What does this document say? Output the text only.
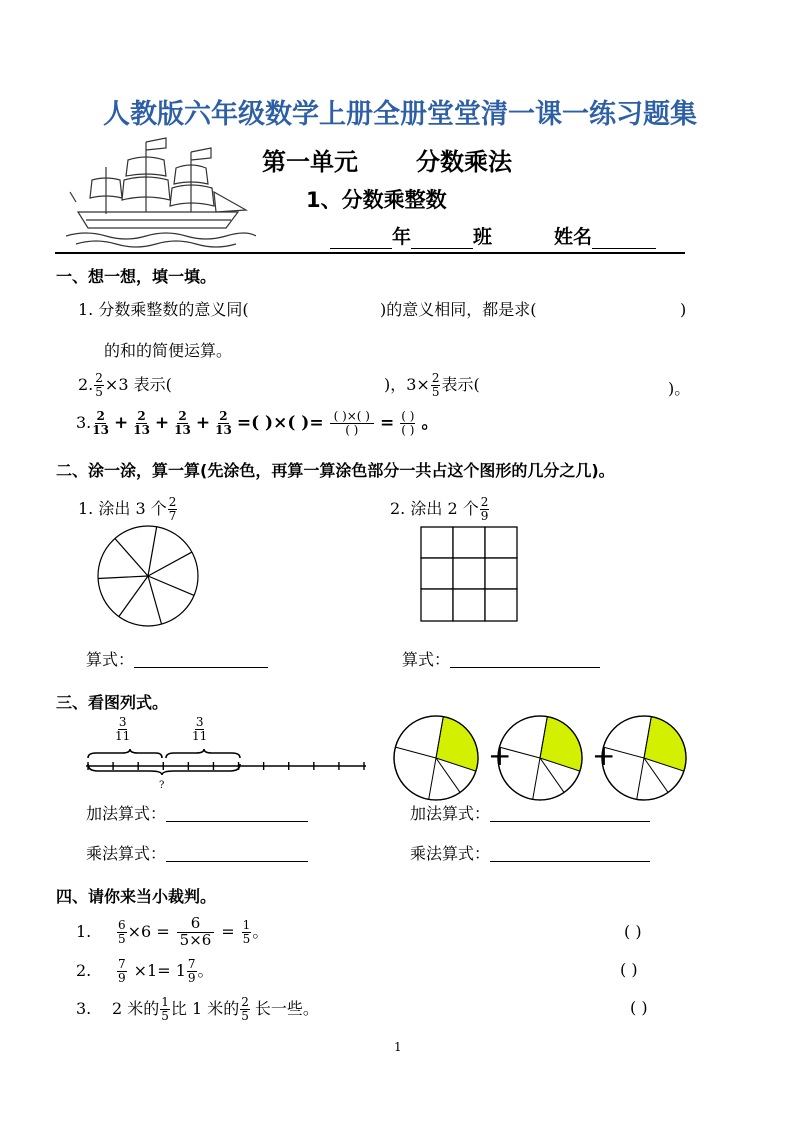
人教版六年级数学上册全册堂堂清一课一练习题集
第一单元 分数乘法
1、分数乘整数
年	班	姓名
一、想一想，填一填。
1. 分数乘整数的意义同(	)的意义相同，都是求(	)
的和的简便运算。
2. $\frac{2}{5} \times 3$ 表示(	)，$3\times \frac{2}{5}$ 表示(	)。
3. $\frac{2}{13} + \frac{2}{13} + \frac{2}{13} + \frac{2}{13}$ =( )×( )= $\frac{( )\times( )}{( )} = \frac{( )}{( )}$ 。
二、涂一涂，算一算(先涂色，再算一算涂色部分一共占这个图形的几分之几)。
1. 涂出 3 个 $\frac{2}{7}$	2. 涂出 2 个 $\frac{2}{9}$
算式：	算式：
三、看图列式。
$\frac{3}{11}$	$\frac{3}{11}$
?
+	+
加法算式：	加法算式：
乘法算式：	乘法算式：
四、请你来当小裁判。
1.	$\frac{6}{5} \times 6 = \frac{6}{5\times 6} = \frac{1}{5}$ 。	( )
2.	$\frac{7}{9} \times 1= 1 \frac{7}{9}$ 。	( )
3.	2 米的 $\frac{1}{5}$ 比 1 米的 $\frac{2}{5}$ 长一些。	( )
1
